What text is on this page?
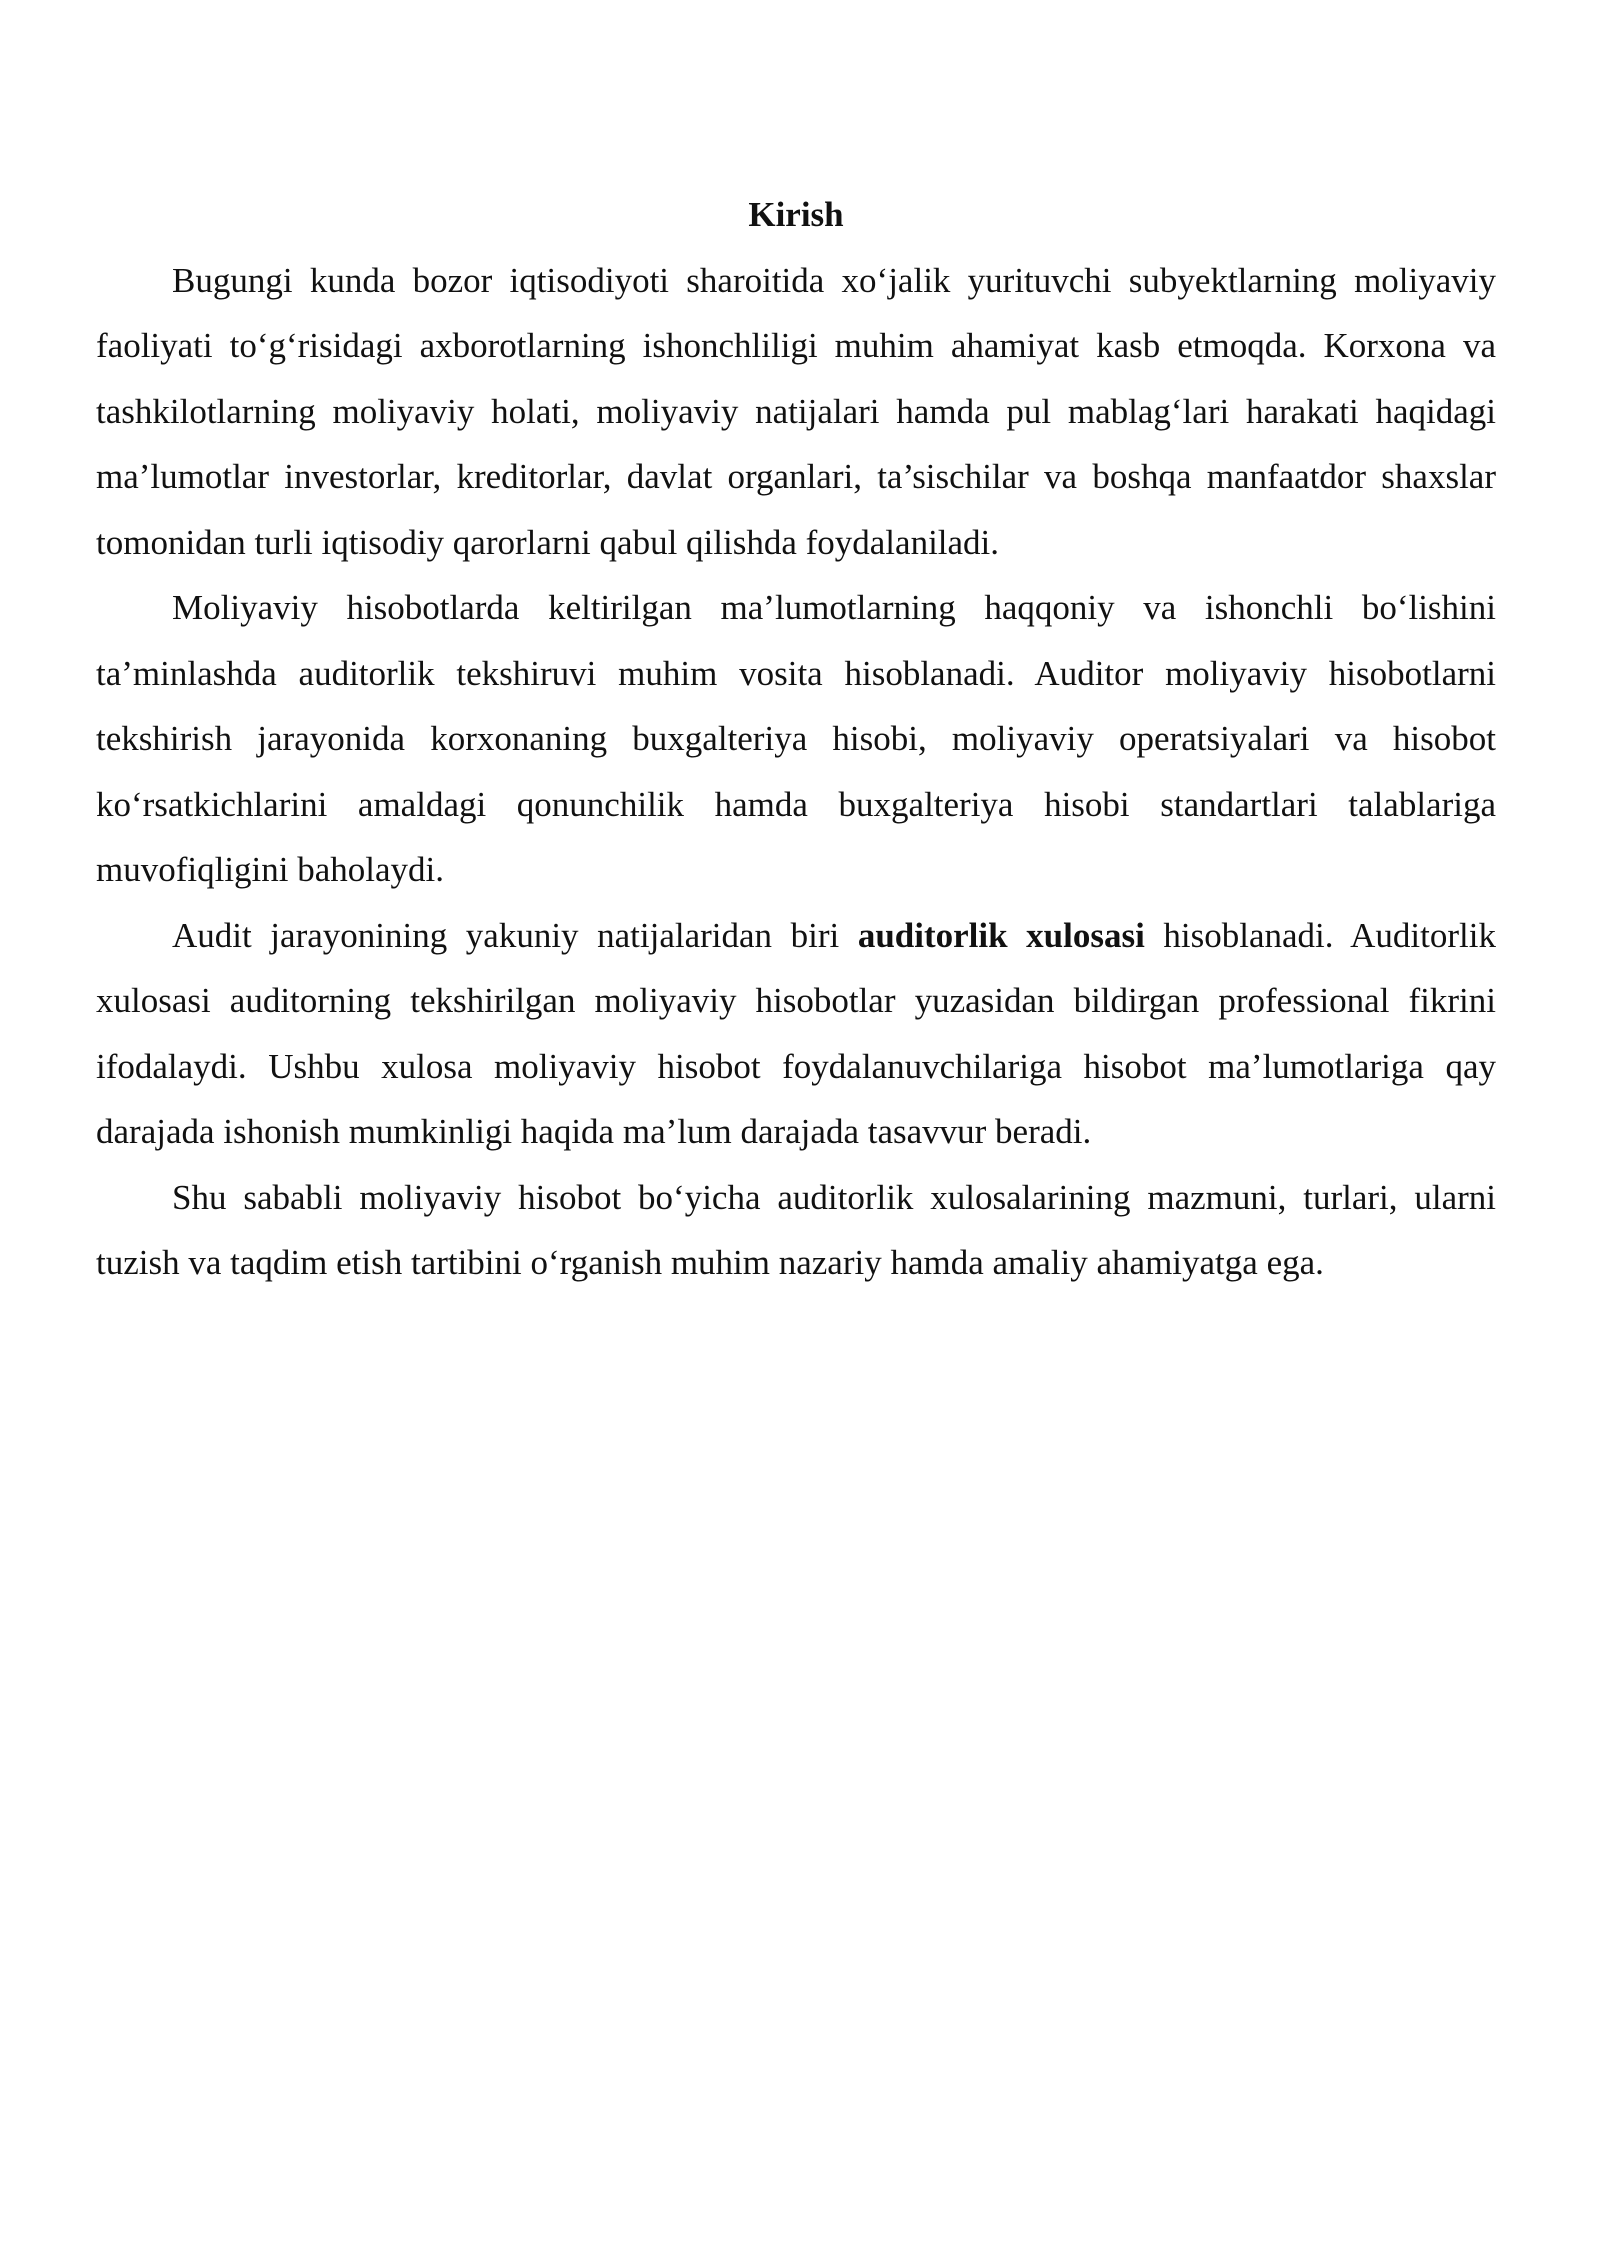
Kirish

Bugungi kunda bozor iqtisodiyoti sharoitida xo‘jalik yurituvchi subyektlarning moliyaviy faoliyati to‘g‘risidagi axborotlarning ishonchliligi muhim ahamiyat kasb etmoqda. Korxona va tashkilotlarning moliyaviy holati, moliyaviy natijalari hamda pul mablag‘lari harakati haqidagi ma’lumotlar investorlar, kreditorlar, davlat organlari, ta’sischilar va boshqa manfaatdor shaxslar tomonidan turli iqtisodiy qarorlarni qabul qilishda foydalaniladi.

Moliyaviy hisobotlarda keltirilgan ma’lumotlarning haqqoniy va ishonchli bo‘lishini ta’minlashda auditorlik tekshiruvi muhim vosita hisoblanadi. Auditor moliyaviy hisobotlarni tekshirish jarayonida korxonaning buxgalteriya hisobi, moliyaviy operatsiyalari va hisobot ko‘rsatkichlarini amaldagi qonunchilik hamda buxgalteriya hisobi standartlari talablariga muvofiqligini baholaydi.

Audit jarayonining yakuniy natijalaridan biri auditorlik xulosasi hisoblanadi. Auditorlik xulosasi auditorning tekshirilgan moliyaviy hisobotlar yuzasidan bildirgan professional fikrini ifodalaydi. Ushbu xulosa moliyaviy hisobot foydalanuvchilariga hisobot ma’lumotlariga qay darajada ishonish mumkinligi haqida ma’lum darajada tasavvur beradi.

Shu sababli moliyaviy hisobot bo‘yicha auditorlik xulosalarining mazmuni, turlari, ularni tuzish va taqdim etish tartibini o‘rganish muhim nazariy hamda amaliy ahamiyatga ega.
